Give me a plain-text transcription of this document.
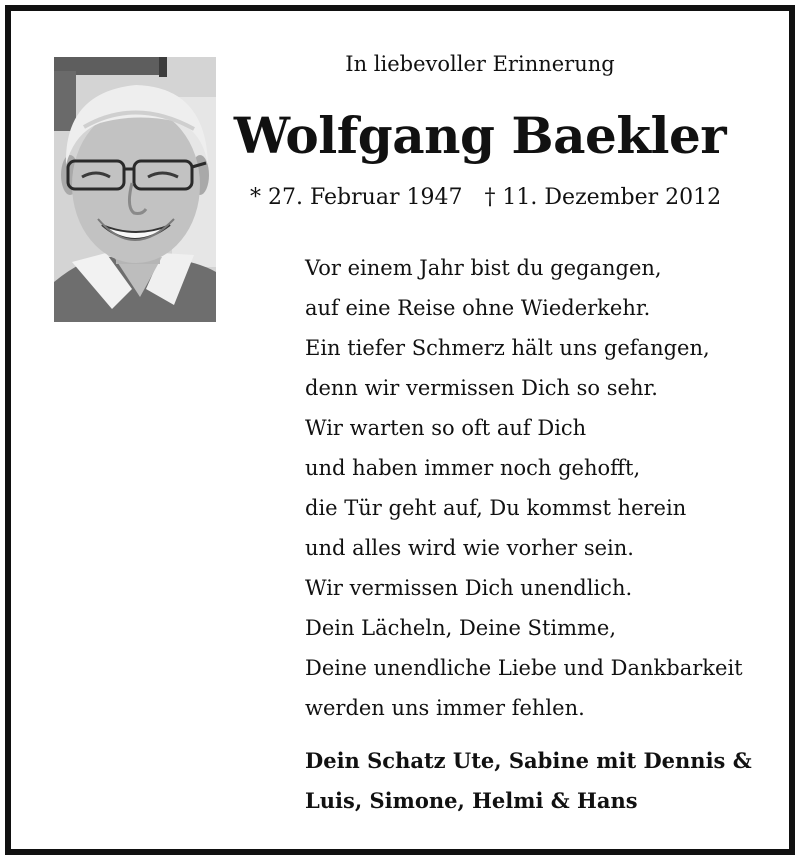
In liebevoller Erinnerung
Wolfgang Baekler
* 27. Februar 1947 † 11. Dezember 2012
Vor einem Jahr bist du gegangen,
auf eine Reise ohne Wiederkehr.
Ein tiefer Schmerz hält uns gefangen,
denn wir vermissen Dich so sehr.
Wir warten so oft auf Dich
und haben immer noch gehofft,
die Tür geht auf, Du kommst herein
und alles wird wie vorher sein.
Wir vermissen Dich unendlich.
Dein Lächeln, Deine Stimme,
Deine unendliche Liebe und Dankbarkeit
werden uns immer fehlen.
Dein Schatz Ute, Sabine mit Dennis &
Luis, Simone, Helmi & Hans
